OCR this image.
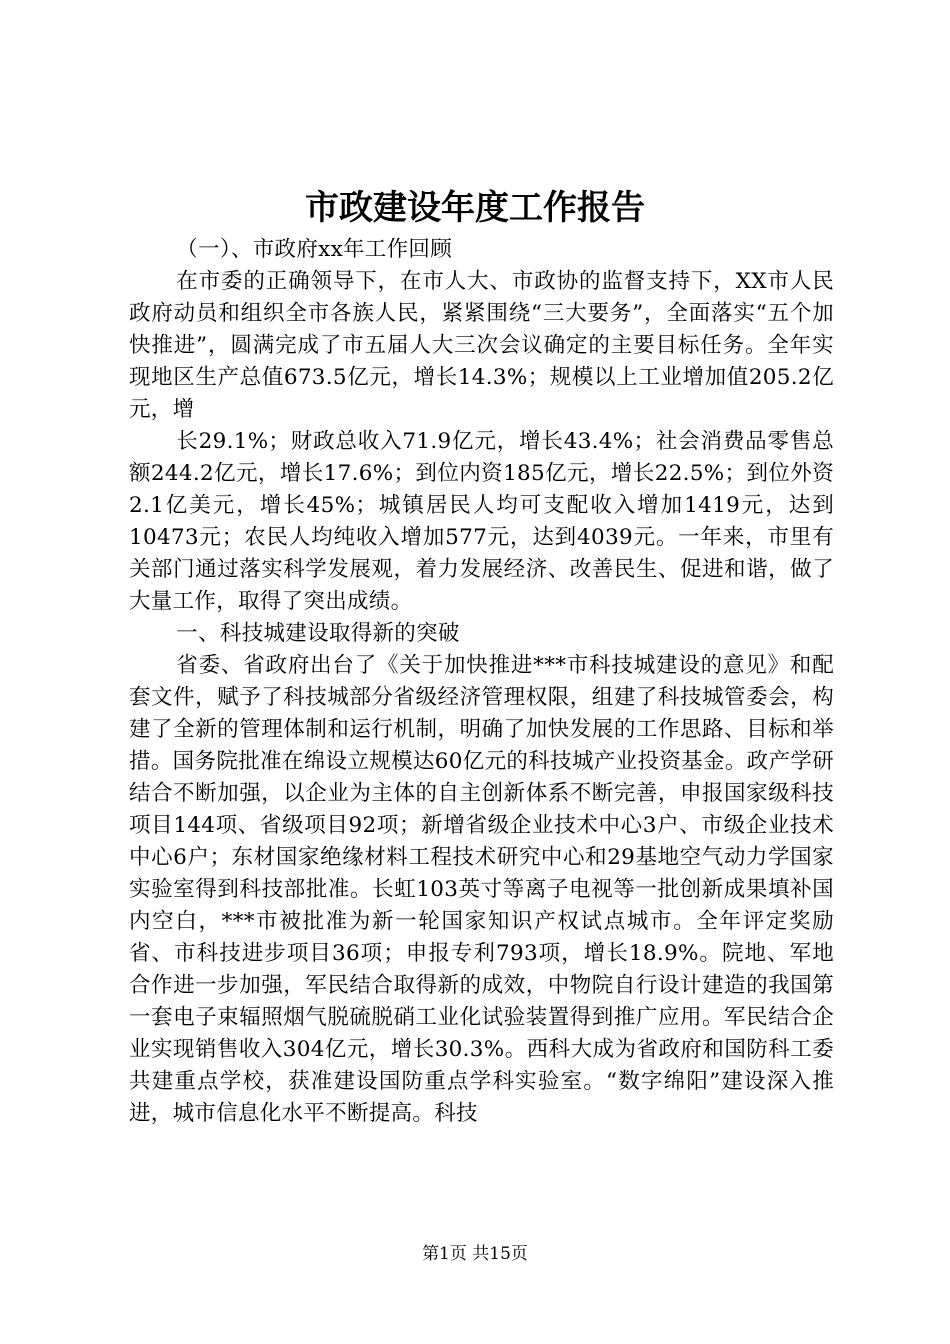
市政建设年度工作报告

（一）、市政府xx年工作回顾

在市委的正确领导下，在市人大、市政协的监督支持下，XX市人民政府动员和组织全市各族人民，紧紧围绕“三大要务”，全面落实“五个加快推进”，圆满完成了市五届人大三次会议确定的主要目标任务。全年实现地区生产总值673.5亿元，增长14.3%；规模以上工业增加值205.2亿元，增

长29.1%；财政总收入71.9亿元，增长43.4%；社会消费品零售总额244.2亿元，增长17.6%；到位内资185亿元，增长22.5%；到位外资2.1亿美元，增长45%；城镇居民人均可支配收入增加1419元，达到10473元；农民人均纯收入增加577元，达到4039元。一年来，市里有关部门通过落实科学发展观，着力发展经济、改善民生、促进和谐，做了大量工作，取得了突出成绩。

一、科技城建设取得新的突破

省委、省政府出台了《关于加快推进***市科技城建设的意见》和配套文件，赋予了科技城部分省级经济管理权限，组建了科技城管委会，构建了全新的管理体制和运行机制，明确了加快发展的工作思路、目标和举措。国务院批准在绵设立规模达60亿元的科技城产业投资基金。政产学研结合不断加强，以企业为主体的自主创新体系不断完善，申报国家级科技项目144项、省级项目92项；新增省级企业技术中心3户、市级企业技术中心6户；东材国家绝缘材料工程技术研究中心和29基地空气动力学国家实验室得到科技部批准。长虹103英寸等离子电视等一批创新成果填补国内空白，***市被批准为新一轮国家知识产权试点城市。全年评定奖励省、市科技进步项目36项；申报专利793项，增长18.9%。院地、军地合作进一步加强，军民结合取得新的成效，中物院自行设计建造的我国第一套电子束辐照烟气脱硫脱硝工业化试验装置得到推广应用。军民结合企业实现销售收入304亿元，增长30.3%。西科大成为省政府和国防科工委共建重点学校，获准建设国防重点学科实验室。“数字绵阳”建设深入推进，城市信息化水平不断提高。科技

第1页 共15页
